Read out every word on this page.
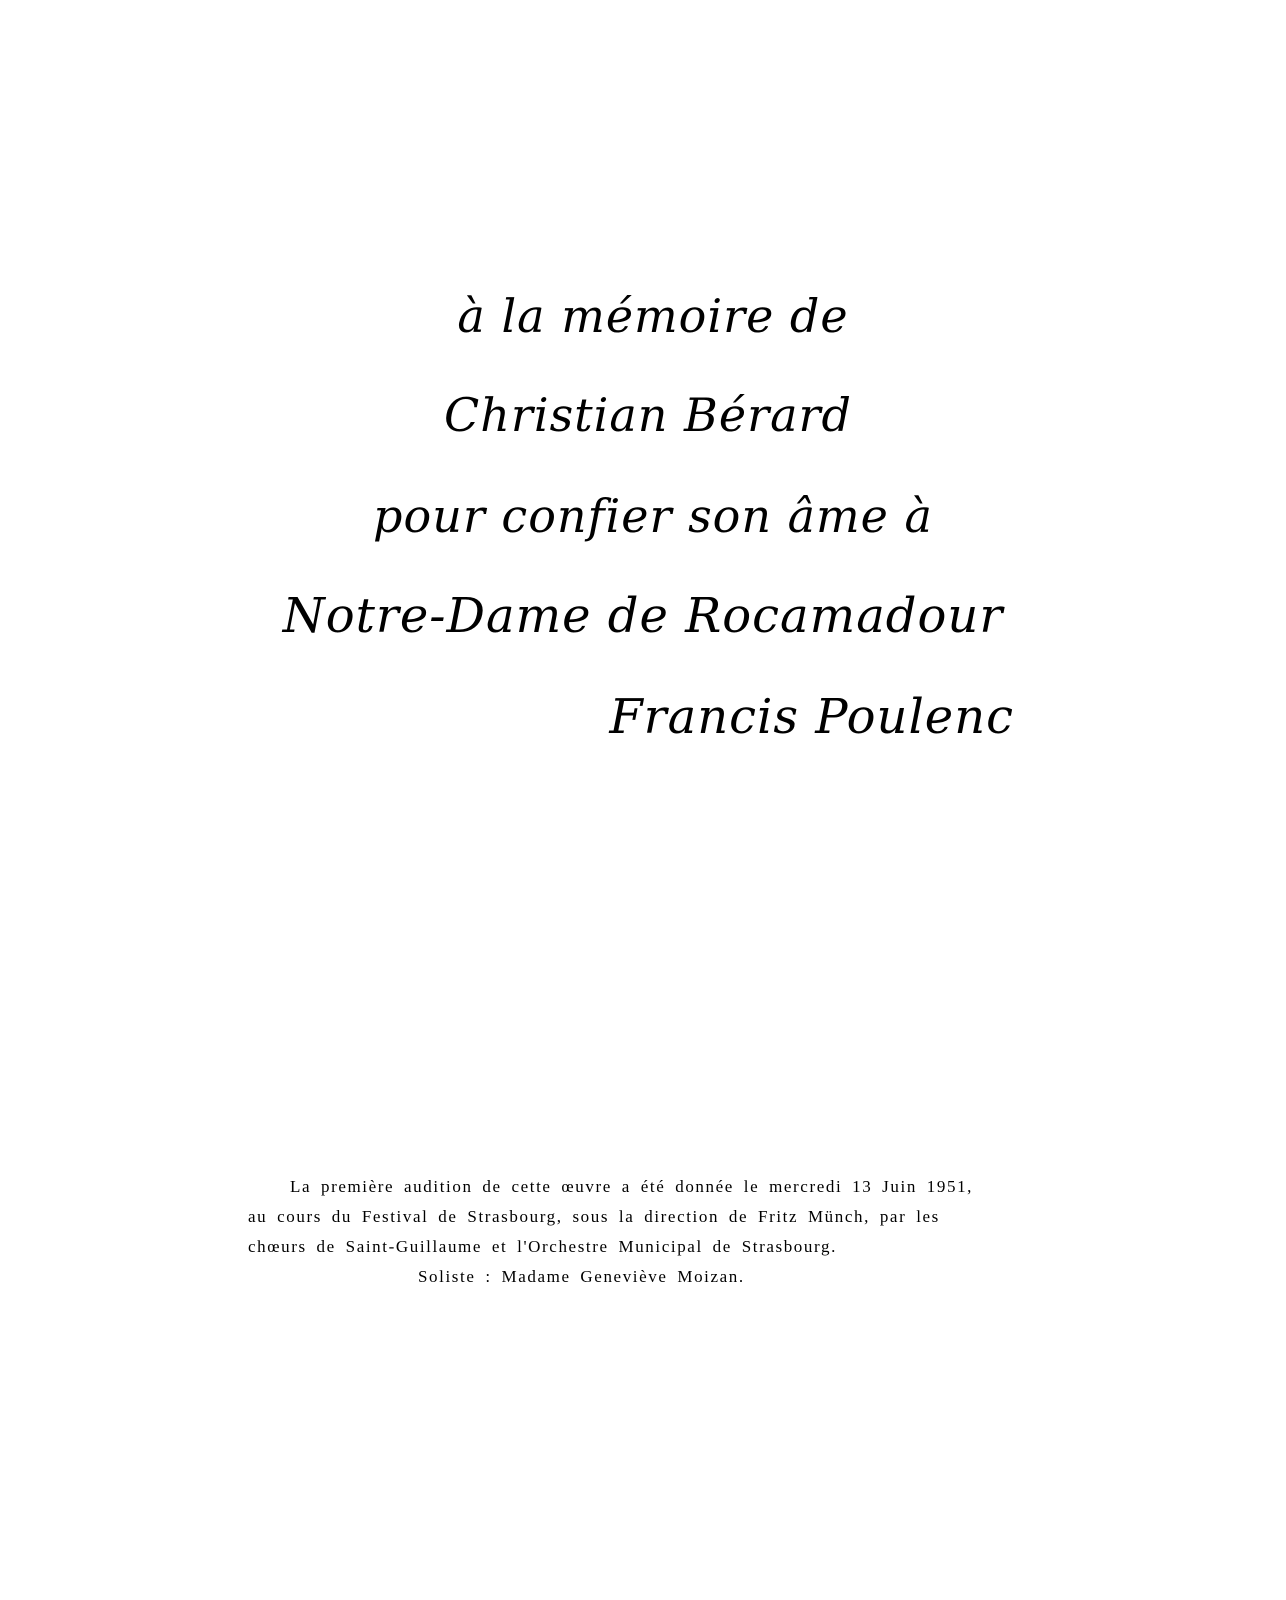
à la mémoire de
Christian Bérard
pour confier son âme à
Notre-Dame de Rocamadour
Francis Poulenc
La première audition de cette œuvre a été donnée le mercredi 13 Juin 1951,
au cours du Festival de Strasbourg, sous la direction de Fritz Münch, par les
chœurs de Saint-Guillaume et l'Orchestre Municipal de Strasbourg.
Soliste : Madame Geneviève Moizan.
